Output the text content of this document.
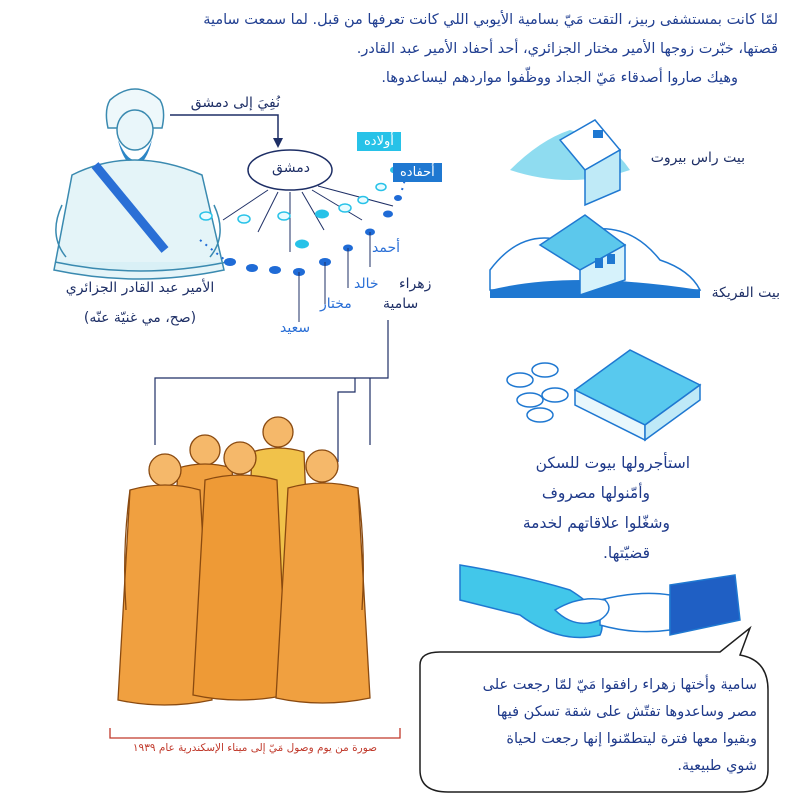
لمّا كانت بمستشفى ربيز، التقت مَيّ بسامية الأيوبي اللي كانت تعرفها من قبل. لما سمعت سامية

قصتها، خبّرت زوجها الأمير مختار الجزائري، أحد أحفاد الأمير عبد القادر.

وهيك صاروا أصدقاء مَيّ الجداد ووظّفوا مواردهم ليساعدوها.

نُفِيَ إلى دمشق
دمشق
أولاده
أحفاده
أحمد
زهراء
خالد
سامية
مختار
سعيد
الأمير عبد القادر الجزائري
(صح، مي غنيّة عنّه)
بيت راس بيروت
بيت الفريكة
استأجرولها بيوت للسكن
وأمّنولها مصروف
وشغّلوا علاقاتهم لخدمة
قضيّتها.
صورة من يوم وصول مَيّ إلى ميناء الإسكندرية عام ١٩٣٩
سامية وأختها زهراء رافقوا مَيّ لمّا رجعت على
مصر وساعدوها تفتّش على شقة تسكن فيها
وبقيوا معها فترة ليتطمّنوا إنها رجعت لحياة
شوي طبيعية.
